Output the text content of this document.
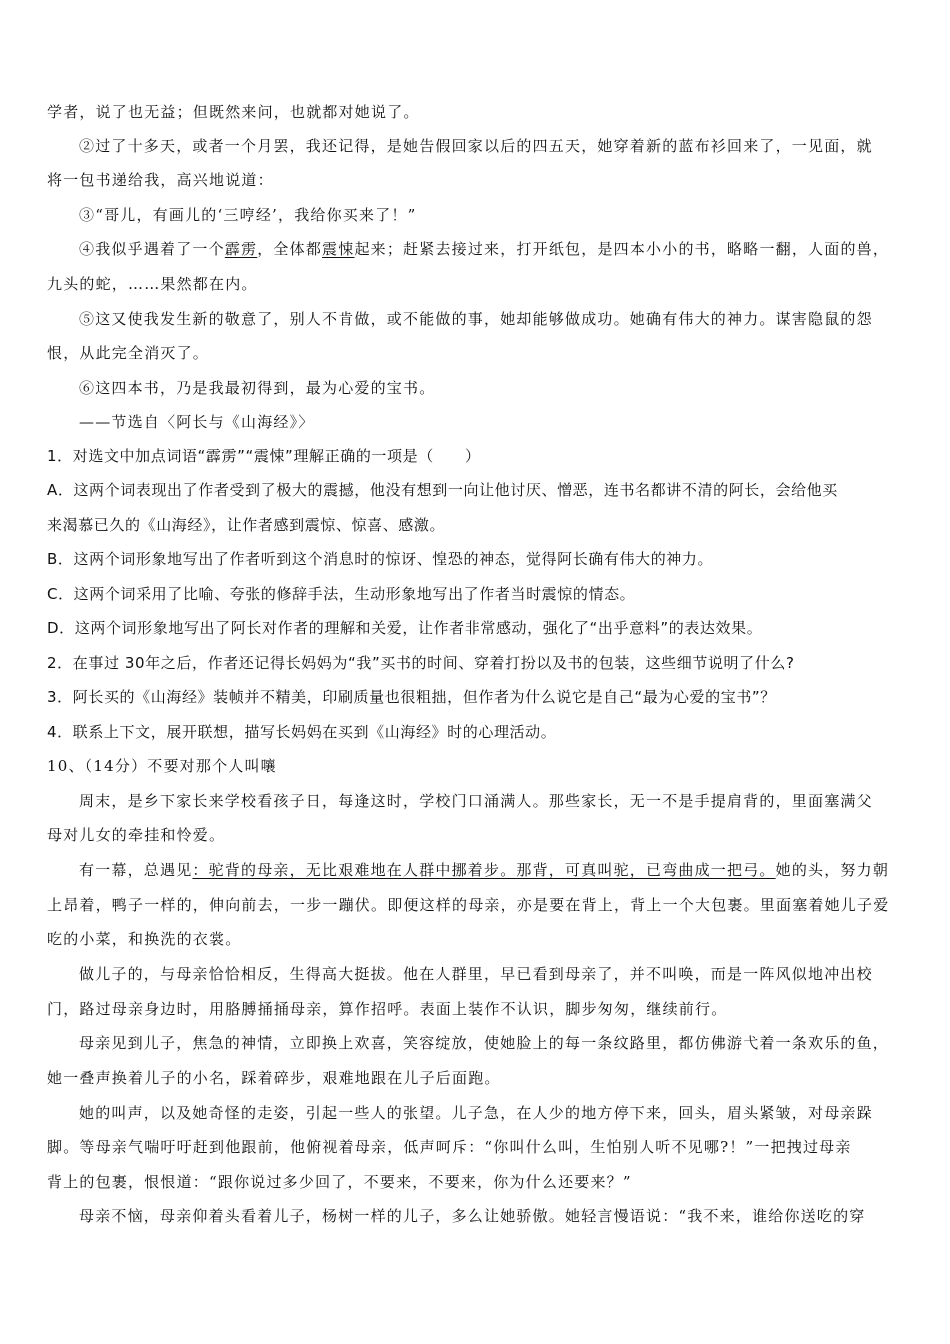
学者，说了也无益；但既然来问，也就都对她说了。
②过了十多天，或者一个月罢，我还记得，是她告假回家以后的四五天，她穿着新的蓝布衫回来了，一见面，就
将一包书递给我，高兴地说道：
③“哥儿，有画儿的‘三哼经’，我给你买来了！”
④我似乎遇着了一个霹雳，全体都震悚起来；赶紧去接过来，打开纸包，是四本小小的书，略略一翻，人面的兽，
九头的蛇，……果然都在内。
⑤这又使我发生新的敬意了，别人不肯做，或不能做的事，她却能够做成功。她确有伟大的神力。谋害隐鼠的怨
恨，从此完全消灭了。
⑥这四本书，乃是我最初得到，最为心爱的宝书。
——节选自〈阿长与《山海经》〉
1．对选文中加点词语“霹雳”“震悚”理解正确的一项是（　　）
A．这两个词表现出了作者受到了极大的震撼，他没有想到一向让他讨厌、憎恶，连书名都讲不清的阿长，会给他买
来渴慕已久的《山海经》，让作者感到震惊、惊喜、感激。
B．这两个词形象地写出了作者听到这个消息时的惊讶、惶恐的神态，觉得阿长确有伟大的神力。
C．这两个词采用了比喻、夸张的修辞手法，生动形象地写出了作者当时震惊的情态。
D．这两个词形象地写出了阿长对作者的理解和关爱，让作者非常感动，强化了“出乎意料”的表达效果。
2．在事过 30年之后，作者还记得长妈妈为“我”买书的时间、穿着打扮以及书的包装，这些细节说明了什么?
3．阿长买的《山海经》装帧并不精美，印刷质量也很粗拙，但作者为什么说它是自己“最为心爱的宝书”？
4．联系上下文，展开联想，描写长妈妈在买到《山海经》时的心理活动。
10、（14分）不要对那个人叫嚷
周末，是乡下家长来学校看孩子日，每逢这时，学校门口涌满人。那些家长，无一不是手提肩背的，里面塞满父
母对儿女的牵挂和怜爱。
有一幕，总遇见：驼背的母亲，无比艰难地在人群中挪着步。那背，可真叫驼，已弯曲成一把弓。她的头，努力朝
上昂着，鸭子一样的，伸向前去，一步一蹦伏。即便这样的母亲，亦是要在背上，背上一个大包裹。里面塞着她儿子爱
吃的小菜，和换洗的衣裳。
做儿子的，与母亲恰恰相反，生得高大挺拔。他在人群里，早已看到母亲了，并不叫唤，而是一阵风似地冲出校
门，路过母亲身边时，用胳膊捅捅母亲，算作招呼。表面上装作不认识，脚步匆匆，继续前行。
母亲见到儿子，焦急的神情，立即换上欢喜，笑容绽放，使她脸上的每一条纹路里，都仿佛游弋着一条欢乐的鱼，
她一叠声换着儿子的小名，踩着碎步，艰难地跟在儿子后面跑。
她的叫声，以及她奇怪的走姿，引起一些人的张望。儿子急，在人少的地方停下来，回头，眉头紧皱，对母亲跺
脚。等母亲气喘吁吁赶到他跟前，他俯视着母亲，低声呵斥：“你叫什么叫，生怕别人听不见哪?！”一把拽过母亲
背上的包裹，恨恨道：“跟你说过多少回了，不要来，不要来，你为什么还要来？”
母亲不恼，母亲仰着头看着儿子，杨树一样的儿子，多么让她骄傲。她轻言慢语说：“我不来，谁给你送吃的穿
